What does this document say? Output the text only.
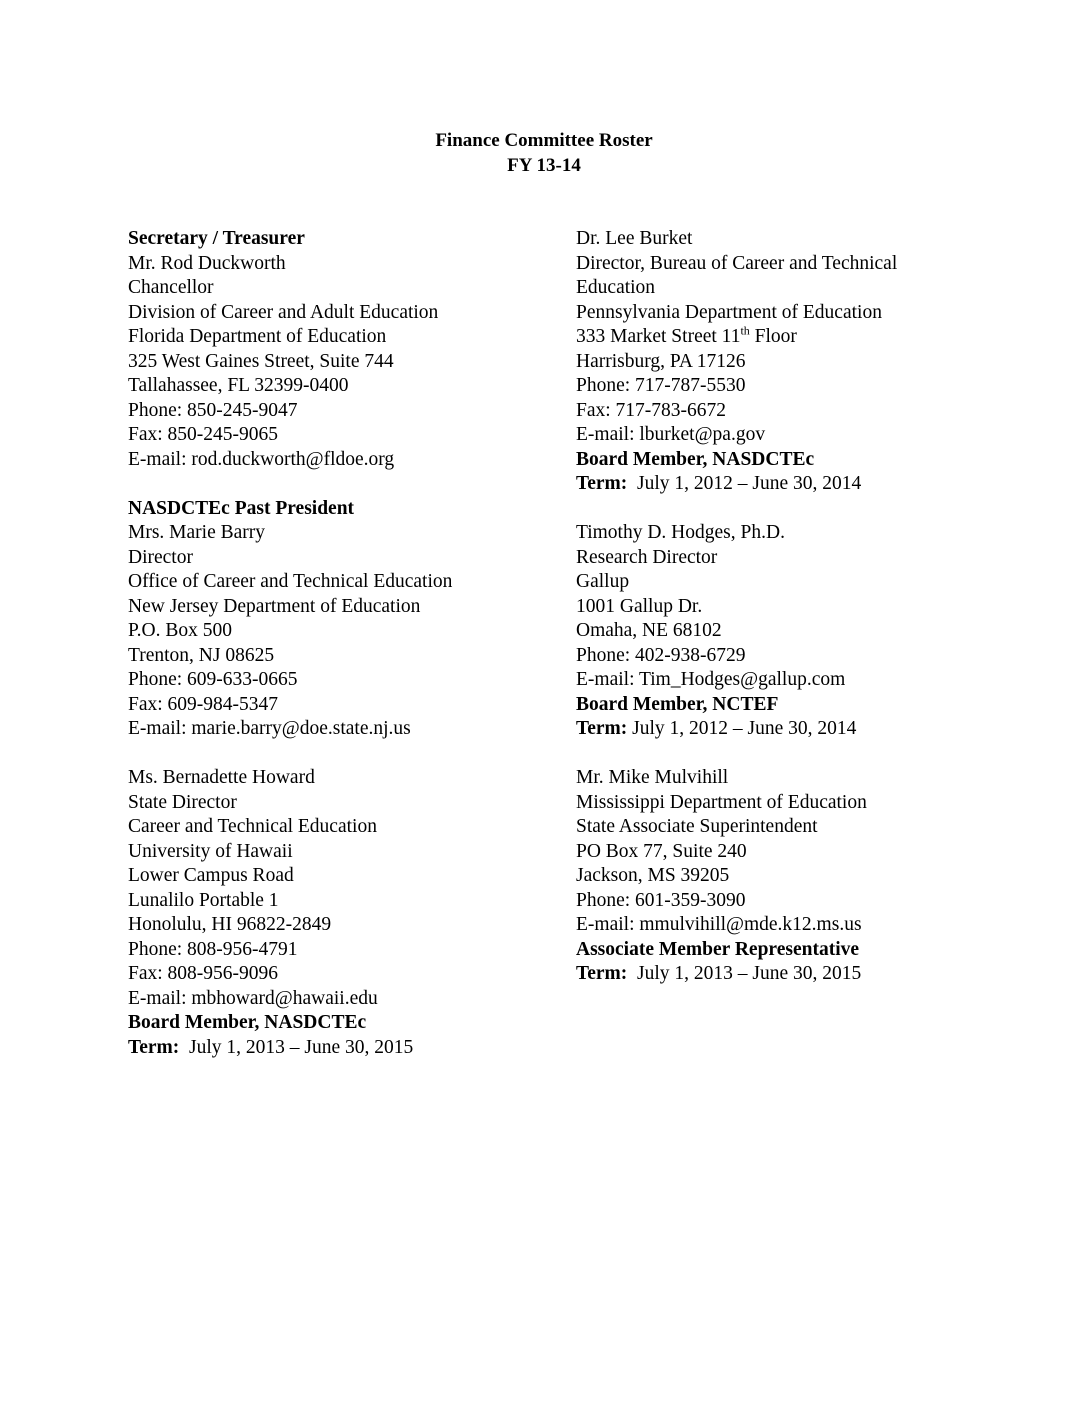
Finance Committee Roster
FY 13-14
Secretary / Treasurer
Mr. Rod Duckworth
Chancellor
Division of Career and Adult Education
Florida Department of Education
325 West Gaines Street, Suite 744
Tallahassee, FL 32399-0400
Phone: 850-245-9047
Fax: 850-245-9065
E-mail: rod.duckworth@fldoe.org
NASDCTEc Past President
Mrs. Marie Barry
Director
Office of Career and Technical Education
New Jersey Department of Education
P.O. Box 500
Trenton, NJ 08625
Phone: 609-633-0665
Fax: 609-984-5347
E-mail: marie.barry@doe.state.nj.us
Ms. Bernadette Howard
State Director
Career and Technical Education
University of Hawaii
Lower Campus Road
Lunalilo Portable 1
Honolulu, HI 96822-2849
Phone: 808-956-4791
Fax: 808-956-9096
E-mail: mbhoward@hawaii.edu
Board Member, NASDCTEc
Term: July 1, 2013 – June 30, 2015
Dr. Lee Burket
Director, Bureau of Career and Technical
Education
Pennsylvania Department of Education
333 Market Street 11th Floor
Harrisburg, PA 17126
Phone: 717-787-5530
Fax: 717-783-6672
E-mail: lburket@pa.gov
Board Member, NASDCTEc
Term:  July 1, 2012 – June 30, 2014
Timothy D. Hodges, Ph.D.
Research Director
Gallup
1001 Gallup Dr.
Omaha, NE 68102
Phone: 402-938-6729
E-mail: Tim_Hodges@gallup.com
Board Member, NCTEF
Term: July 1, 2012 – June 30, 2014
Mr. Mike Mulvihill
Mississippi Department of Education
State Associate Superintendent
PO Box 77, Suite 240
Jackson, MS 39205
Phone: 601-359-3090
E-mail: mmulvihill@mde.k12.ms.us
Associate Member Representative
Term:  July 1, 2013 – June 30, 2015
